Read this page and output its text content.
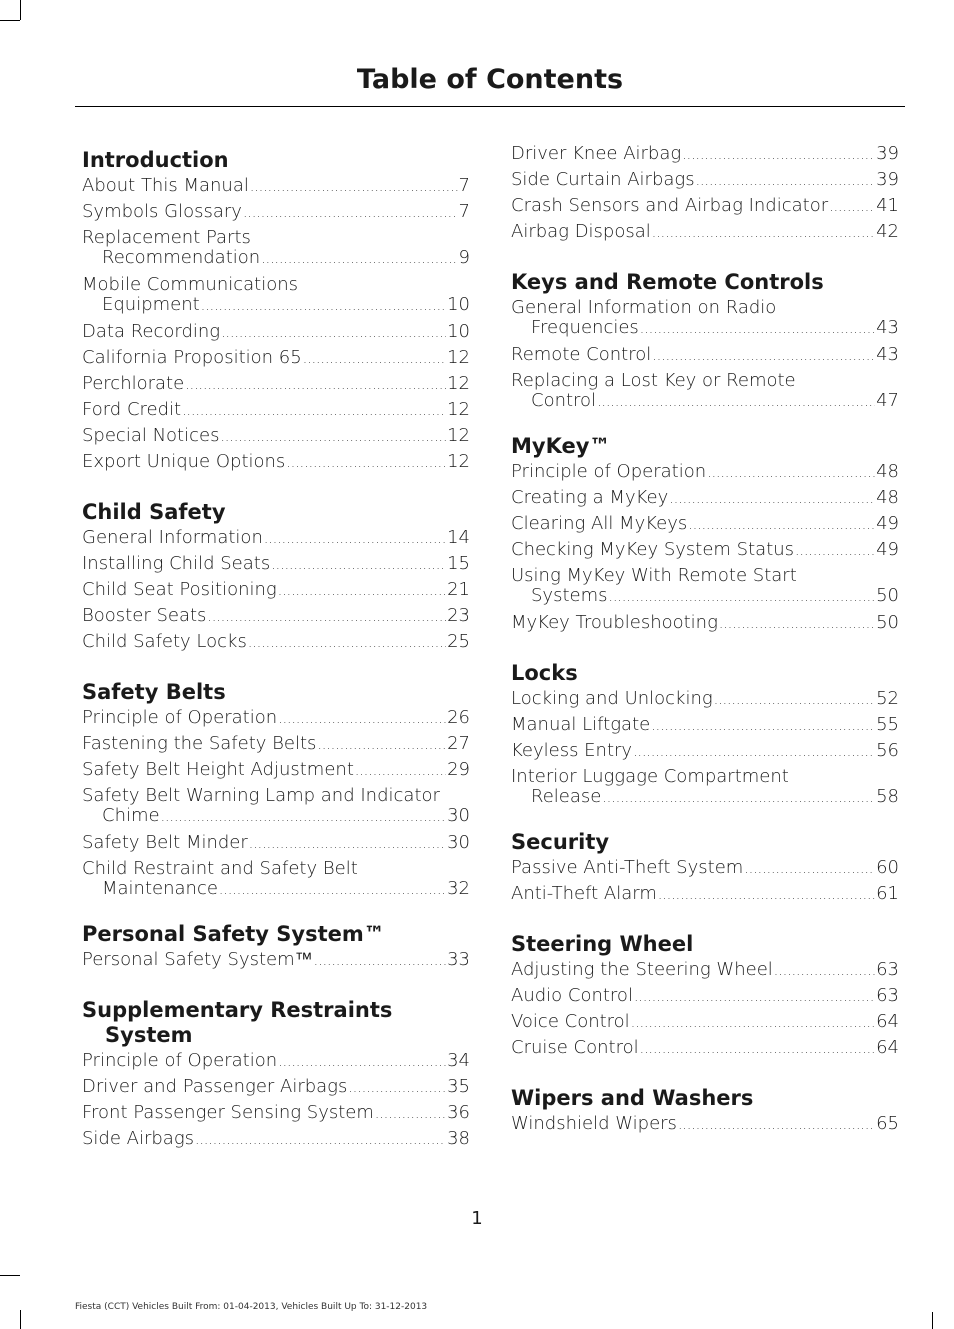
Table of Contents
Introduction
About This Manual .....	7
Symbols Glossary .....	7
Replacement Parts
Recommendation .....	9
Mobile Communications
Equipment .....	10
Data Recording .....	10
California Proposition 65 .....	12
Perchlorate .....	12
Ford Credit .....	12
Special Notices .....	12
Export Unique Options .....	12
Child Safety
General Information .....	14
Installing Child Seats .....	15
Child Seat Positioning .....	21
Booster Seats .....	23
Child Safety Locks .....	25
Safety Belts
Principle of Operation .....	26
Fastening the Safety Belts .....	27
Safety Belt Height Adjustment .....	29
Safety Belt Warning Lamp and Indicator
Chime .....	30
Safety Belt Minder .....	30
Child Restraint and Safety Belt
Maintenance .....	32
Personal Safety System™
Personal Safety System™ .....	33
Supplementary Restraints System
Principle of Operation .....	34
Driver and Passenger Airbags .....	35
Front Passenger Sensing System .....	36
Side Airbags .....	38
Driver Knee Airbag .....	39
Side Curtain Airbags .....	39
Crash Sensors and Airbag Indicator .....	41
Airbag Disposal .....	42
Keys and Remote Controls
General Information on Radio
Frequencies .....	43
Remote Control .....	43
Replacing a Lost Key or Remote
Control .....	47
MyKey™
Principle of Operation .....	48
Creating a MyKey .....	48
Clearing All MyKeys .....	49
Checking MyKey System Status .....	49
Using MyKey With Remote Start
Systems .....	50
MyKey Troubleshooting .....	50
Locks
Locking and Unlocking .....	52
Manual Liftgate .....	55
Keyless Entry .....	56
Interior Luggage Compartment
Release .....	58
Security
Passive Anti-Theft System .....	60
Anti-Theft Alarm .....	61
Steering Wheel
Adjusting the Steering Wheel .....	63
Audio Control .....	63
Voice Control .....	64
Cruise Control .....	64
Wipers and Washers
Windshield Wipers .....	65
1
Fiesta (CCT) Vehicles Built From: 01-04-2013, Vehicles Built Up To: 31-12-2013
